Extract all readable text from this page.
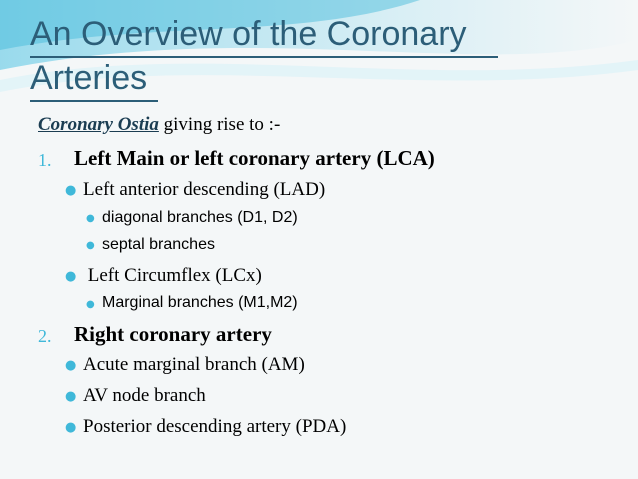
An Overview of the Coronary
Arteries
Coronary Ostia giving rise to :-
1. Left Main or left coronary artery (LCA)
● Left anterior descending (LAD)
● diagonal branches (D1, D2)
● septal branches
● Left Circumflex (LCx)
● Marginal branches (M1,M2)
2. Right coronary artery
● Acute marginal branch (AM)
● AV node branch
● Posterior descending artery (PDA)
